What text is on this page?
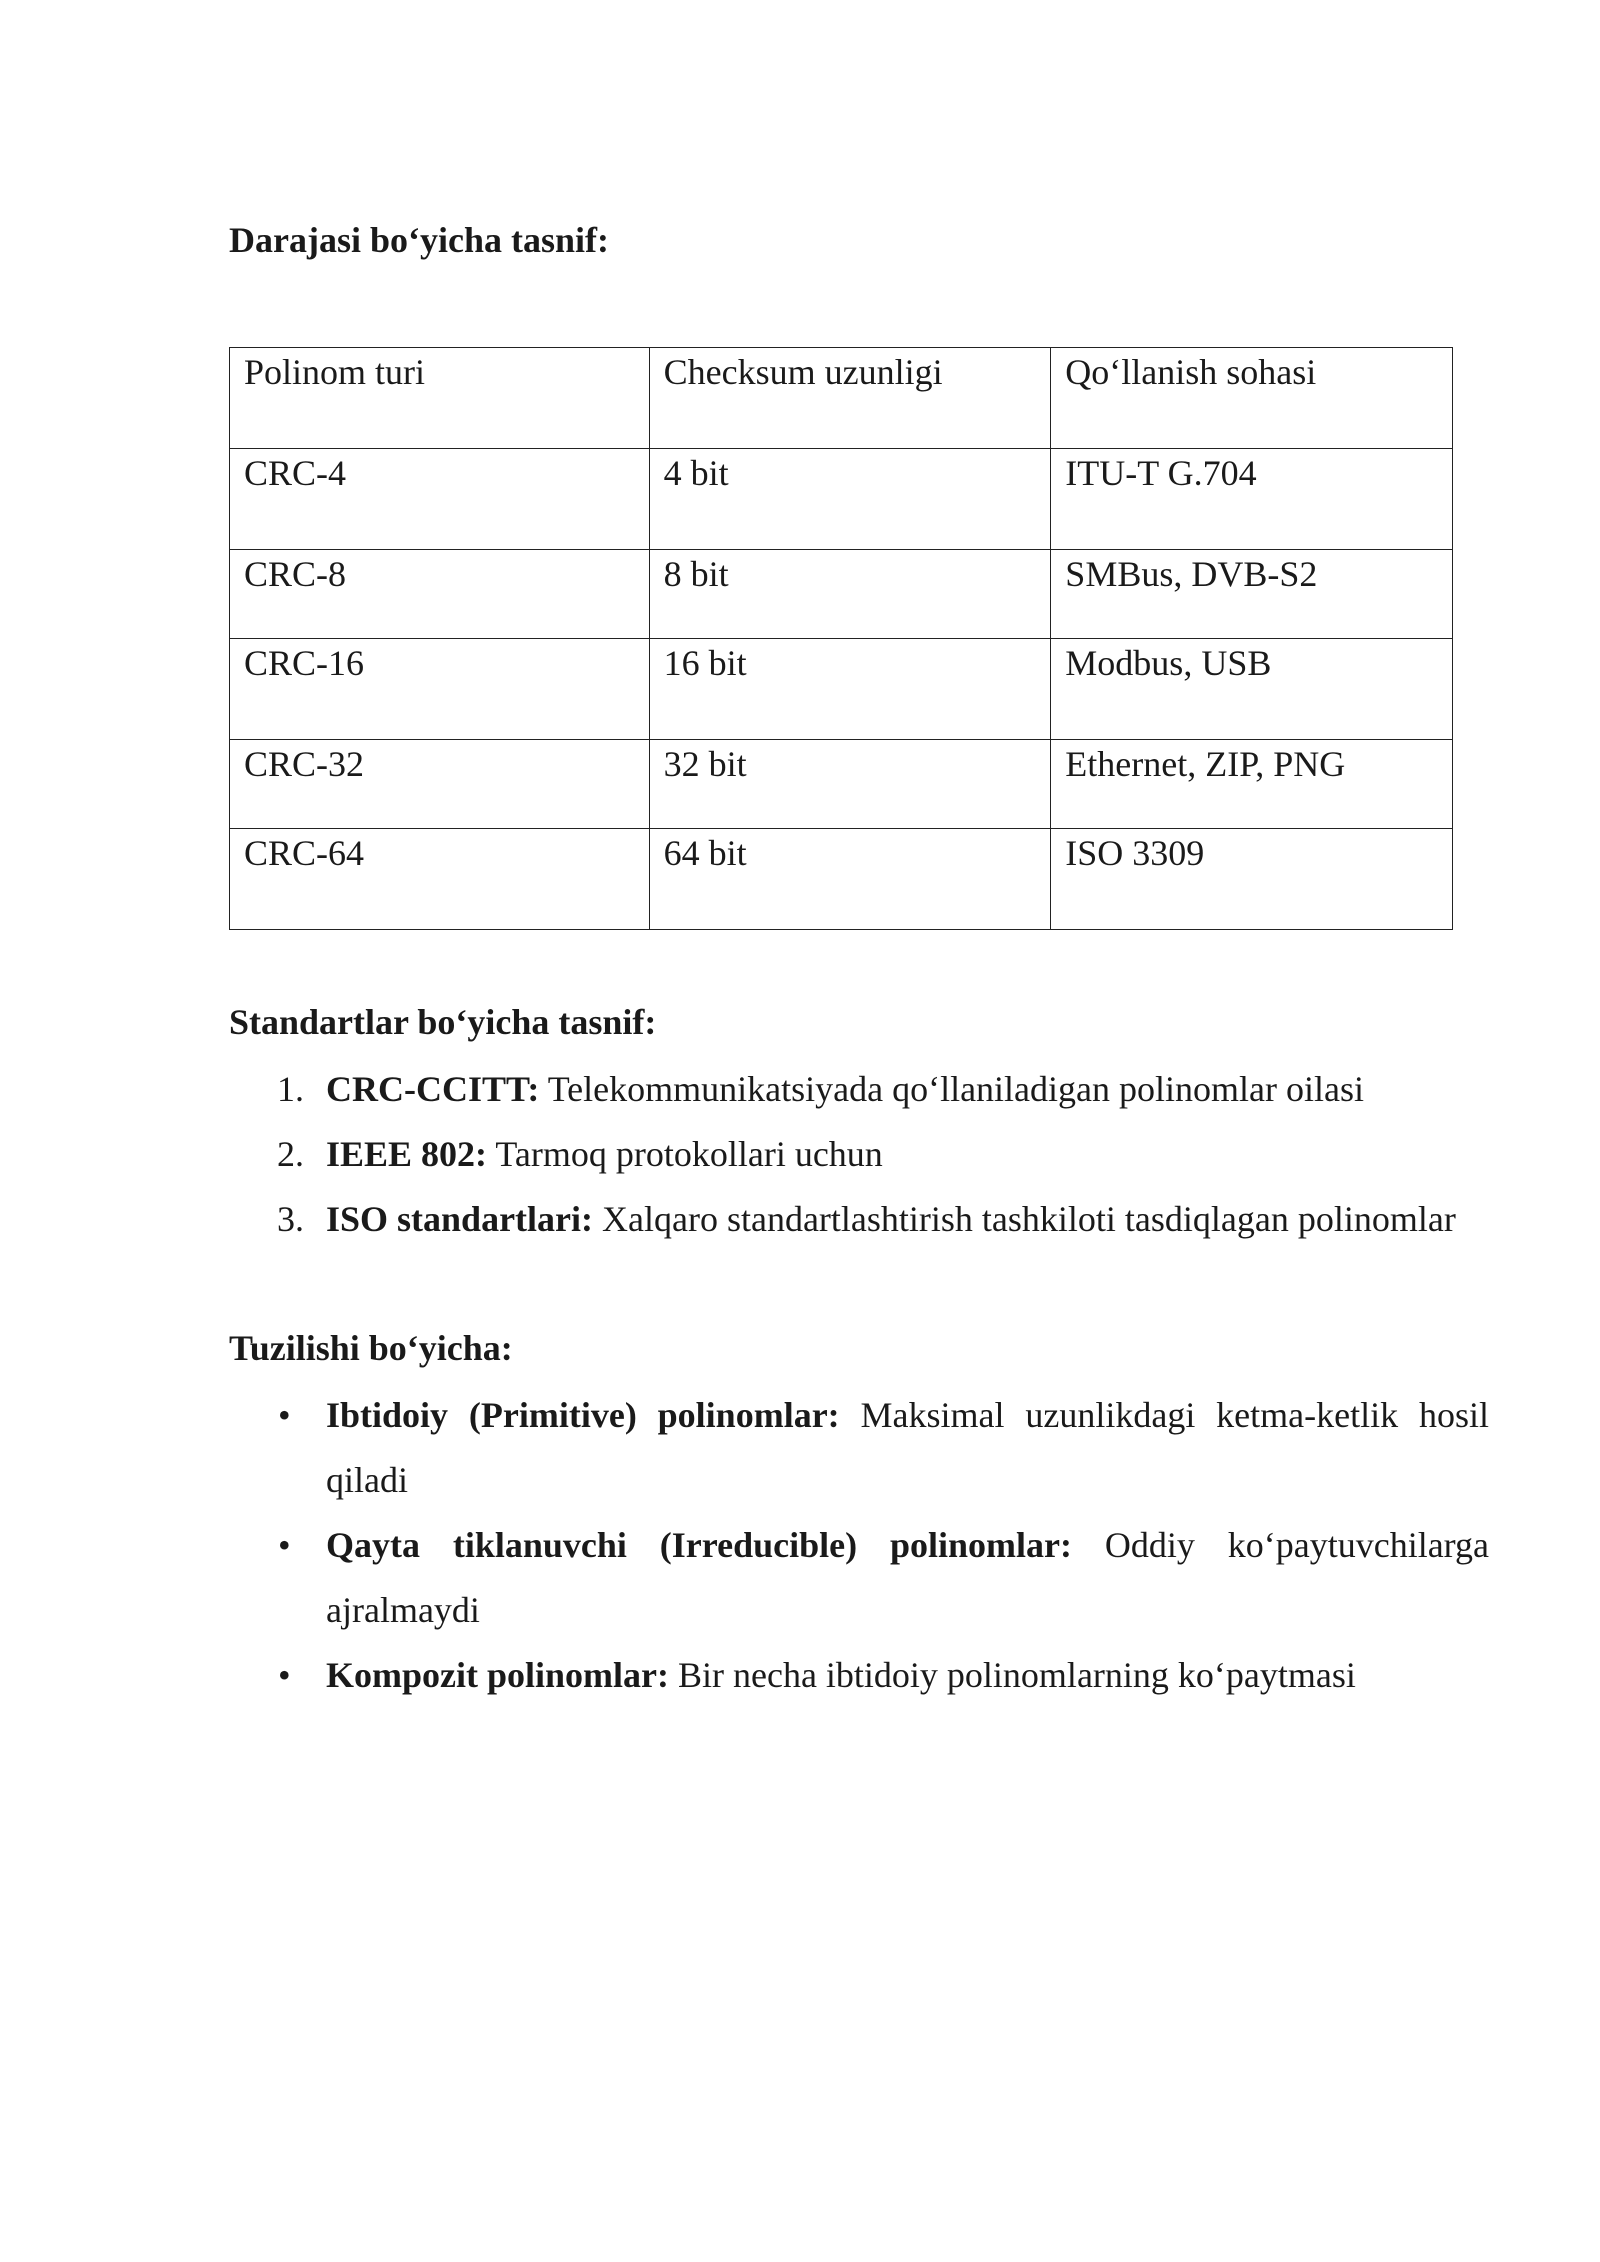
Darajasi bo‘yicha tasnif:

Polinom turi	Checksum uzunligi	Qo‘llanish sohasi
CRC-4	4 bit	ITU-T G.704
CRC-8	8 bit	SMBus, DVB-S2
CRC-16	16 bit	Modbus, USB
CRC-32	32 bit	Ethernet, ZIP, PNG
CRC-64	64 bit	ISO 3309

Standartlar bo‘yicha tasnif:

1. CRC-CCITT: Telekommunikatsiyada qo‘llaniladigan polinomlar oilasi
2. IEEE 802: Tarmoq protokollari uchun
3. ISO standartlari: Xalqaro standartlashtirish tashkiloti tasdiqlagan polinomlar

Tuzilishi bo‘yicha:

• Ibtidoiy (Primitive) polinomlar: Maksimal uzunlikdagi ketma-ketlik hosil qiladi
• Qayta tiklanuvchi (Irreducible) polinomlar: Oddiy ko‘paytuvchilarga ajralmaydi
• Kompozit polinomlar: Bir necha ibtidoiy polinomlarning ko‘paytmasi
